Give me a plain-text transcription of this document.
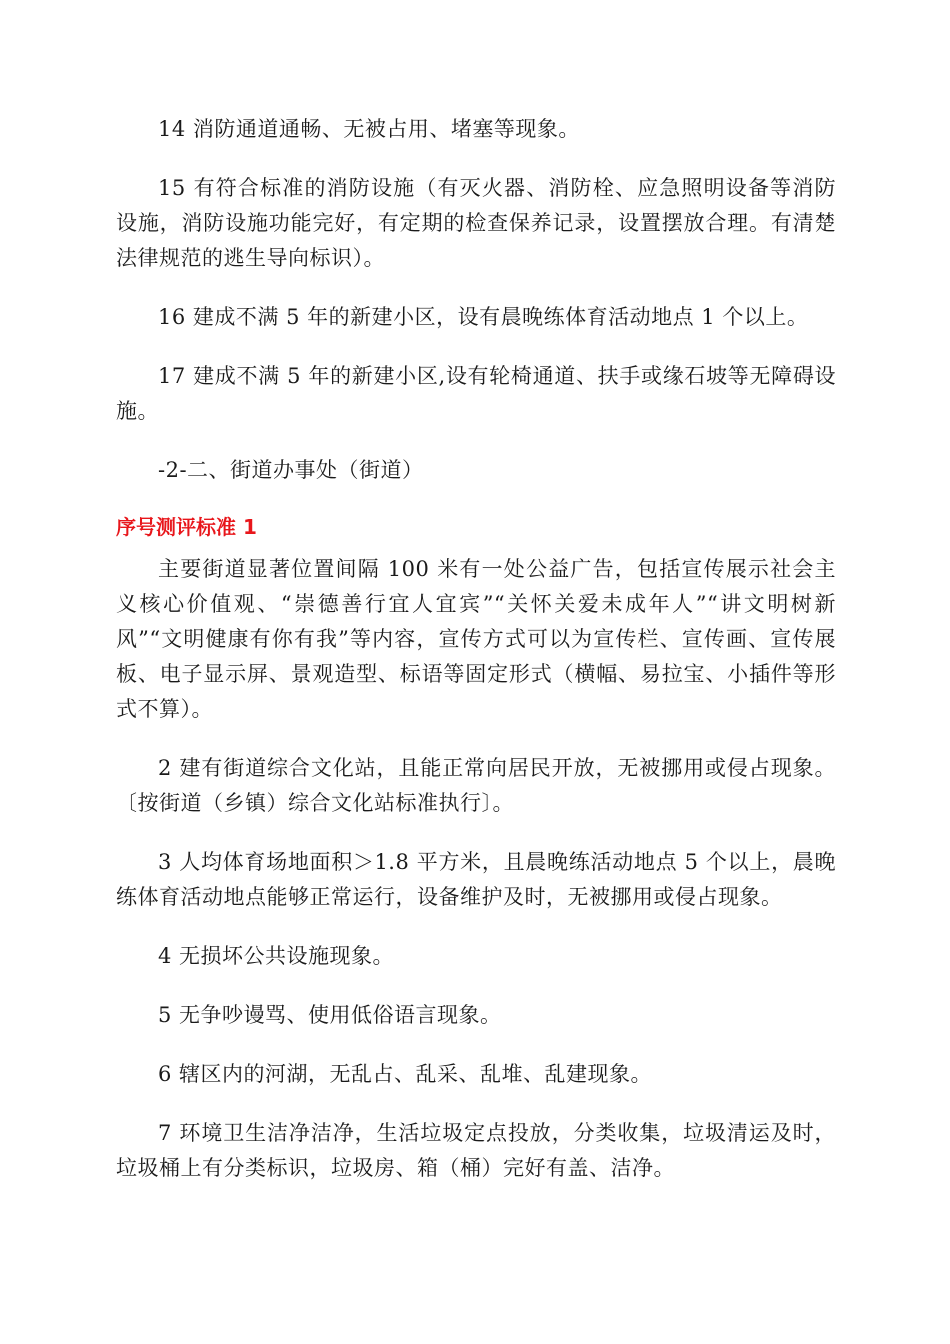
14 消防通道通畅、无被占用、堵塞等现象。

15 有符合标准的消防设施（有灭火器、消防栓、应急照明设备等消防设施，消防设施功能完好，有定期的检查保养记录，设置摆放合理。有清楚法律规范的逃生导向标识）。

16 建成不满 5 年的新建小区，设有晨晚练体育活动地点 1 个以上。

17 建成不满 5 年的新建小区,设有轮椅通道、扶手或缘石坡等无障碍设施。

-2-二、街道办事处（街道）

序号测评标准 1

主要街道显著位置间隔 100 米有一处公益广告，包括宣传展示社会主义核心价值观、“崇德善行宜人宜宾”“关怀关爱未成年人”“讲文明树新风”“文明健康有你有我”等内容，宣传方式可以为宣传栏、宣传画、宣传展板、电子显示屏、景观造型、标语等固定形式（横幅、易拉宝、小插件等形式不算）。

2 建有街道综合文化站，且能正常向居民开放，无被挪用或侵占现象。〔按街道（乡镇）综合文化站标准执行〕。

3 人均体育场地面积＞1.8 平方米，且晨晚练活动地点 5 个以上，晨晚练体育活动地点能够正常运行，设备维护及时，无被挪用或侵占现象。

4 无损坏公共设施现象。

5 无争吵谩骂、使用低俗语言现象。

6 辖区内的河湖，无乱占、乱采、乱堆、乱建现象。

7 环境卫生洁净洁净，生活垃圾定点投放，分类收集，垃圾清运及时，垃圾桶上有分类标识，垃圾房、箱（桶）完好有盖、洁净。
